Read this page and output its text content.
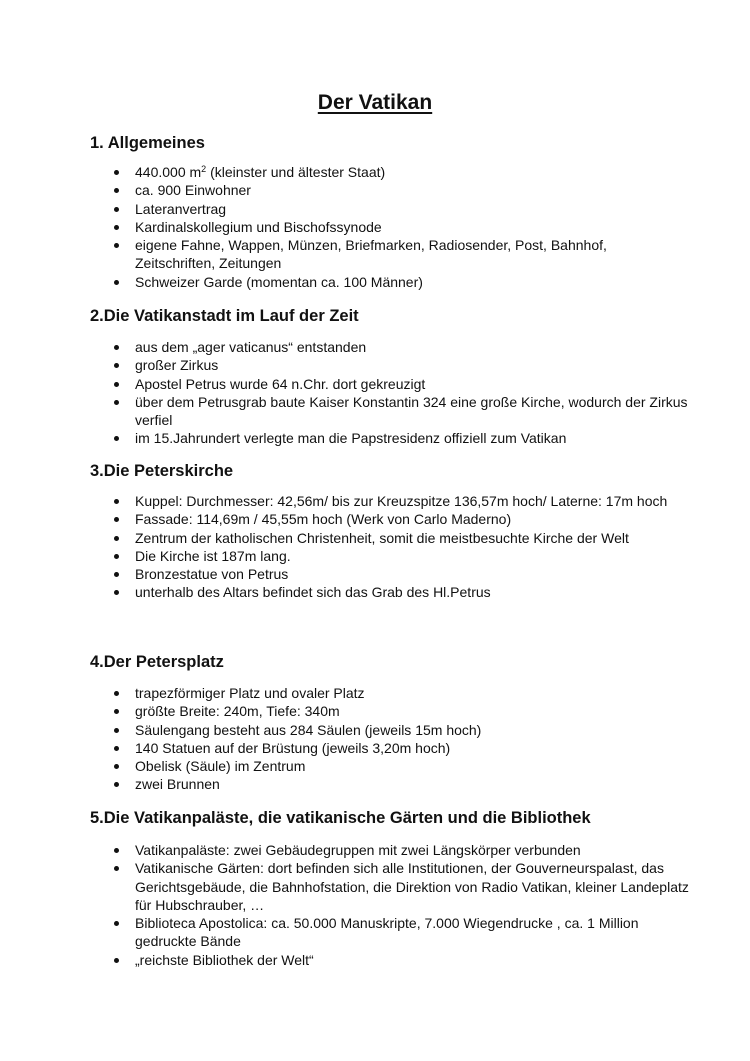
Der Vatikan
1. Allgemeines
440.000 $m^2$ (kleinster und ältester Staat)
ca. 900 Einwohner
Lateranvertrag
Kardinalskollegium und Bischofssynode
eigene Fahne, Wappen, Münzen, Briefmarken, Radiosender, Post, Bahnhof, Zeitschriften, Zeitungen
Schweizer Garde (momentan ca. 100 Männer)
2.Die Vatikanstadt im Lauf der Zeit
aus dem „ager vaticanus“ entstanden
großer Zirkus
Apostel Petrus wurde 64 n.Chr. dort gekreuzigt
über dem Petrusgrab baute Kaiser Konstantin 324 eine große Kirche, wodurch der Zirkus verfiel
im 15.Jahrundert verlegte man die Papstresidenz offiziell zum Vatikan
3.Die Peterskirche
Kuppel: Durchmesser: 42,56m/ bis zur Kreuzspitze 136,57m hoch/ Laterne: 17m hoch
Fassade: 114,69m / 45,55m hoch (Werk von Carlo Maderno)
Zentrum der katholischen Christenheit, somit die meistbesuchte Kirche der Welt
Die Kirche ist 187m lang.
Bronzestatue von Petrus
unterhalb des Altars befindet sich das Grab des Hl.Petrus
4.Der Petersplatz
trapezförmiger Platz und ovaler Platz
größte Breite: 240m, Tiefe: 340m
Säulengang besteht aus 284 Säulen (jeweils 15m hoch)
140 Statuen auf der Brüstung (jeweils 3,20m hoch)
Obelisk (Säule) im Zentrum
zwei Brunnen
5.Die Vatikanpaläste, die vatikanische Gärten und die Bibliothek
Vatikanpaläste: zwei Gebäudegruppen mit zwei Längskörper verbunden
Vatikanische Gärten: dort befinden sich alle Institutionen, der Gouverneurspalast, das Gerichtsgebäude, die Bahnhofstation, die Direktion von Radio Vatikan, kleiner Landeplatz für Hubschrauber, …
Biblioteca Apostolica: ca. 50.000 Manuskripte, 7.000 Wiegendrucke , ca. 1 Million gedruckte Bände
„reichste Bibliothek der Welt“
